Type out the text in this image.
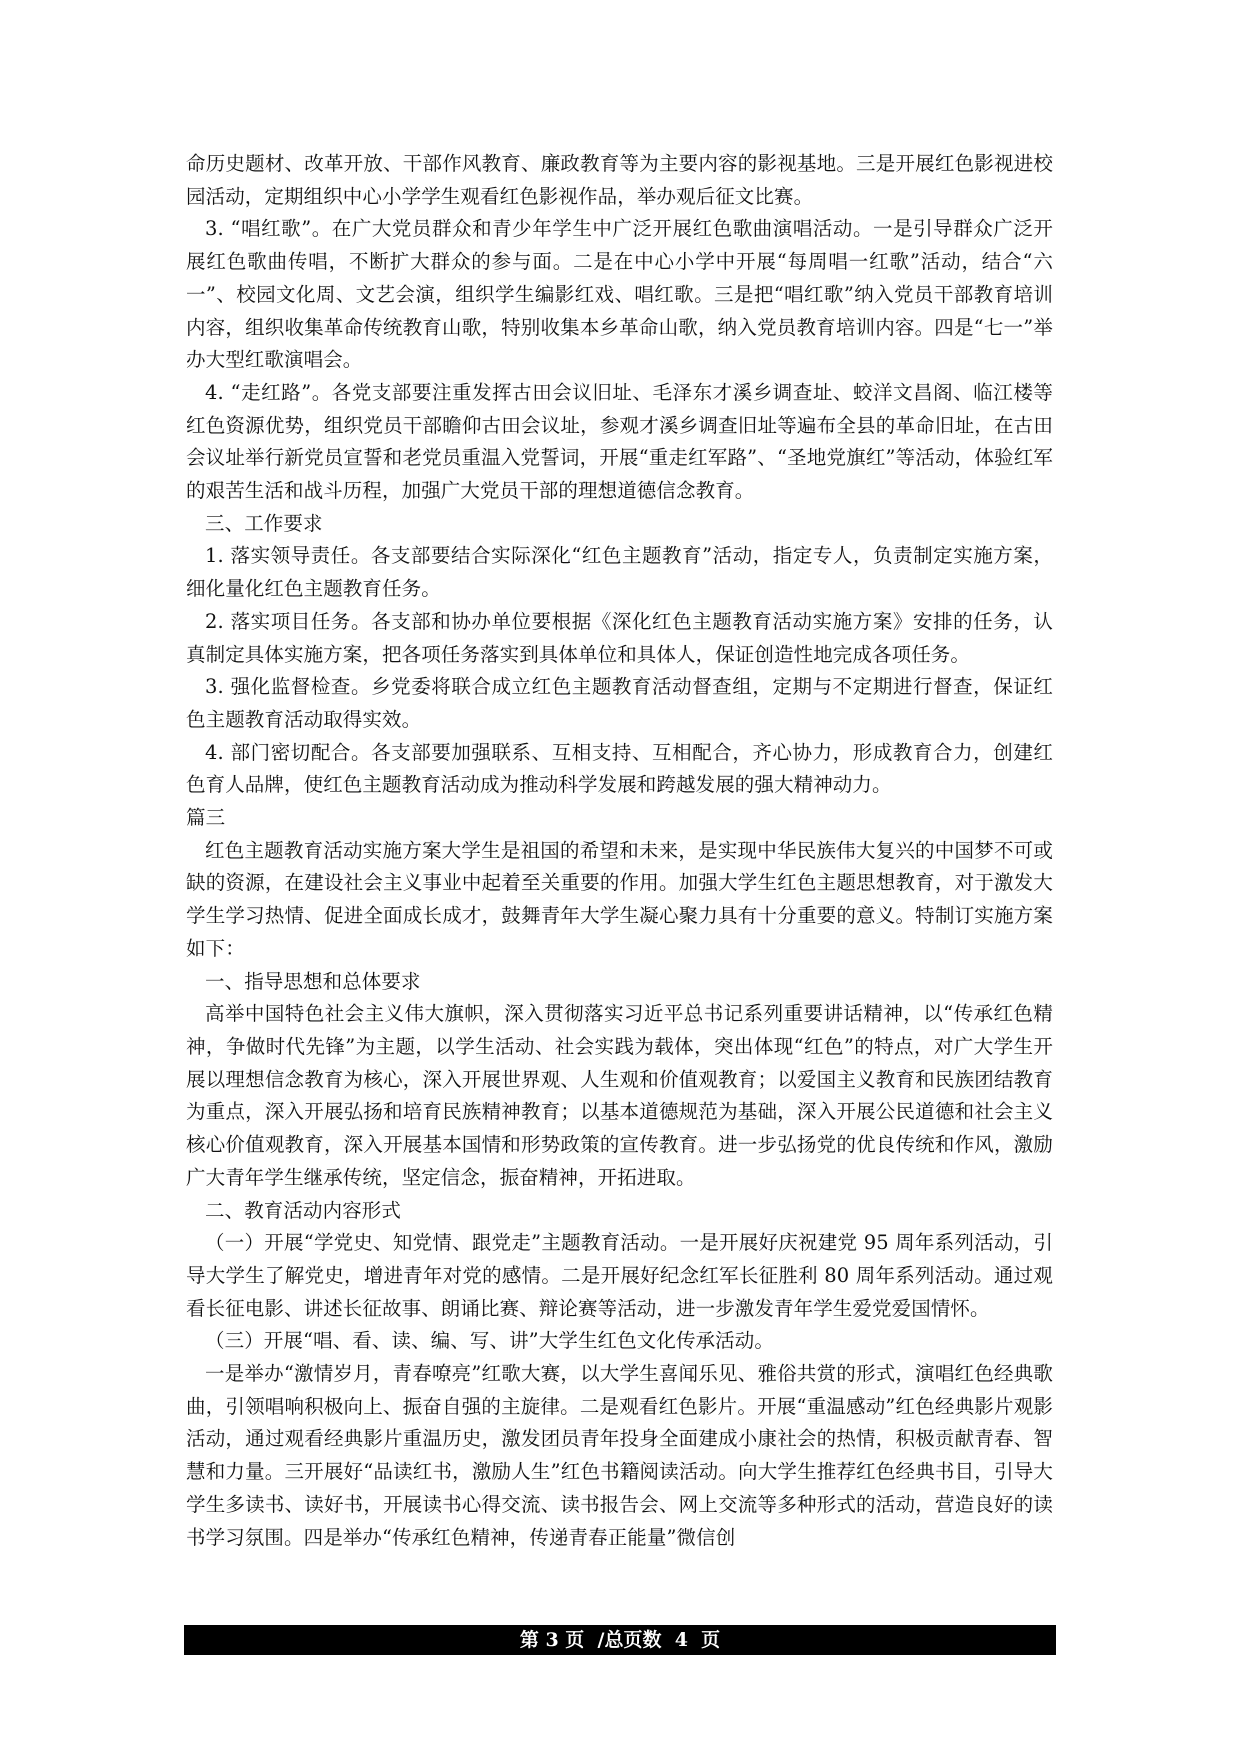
命历史题材、改革开放、干部作风教育、廉政教育等为主要内容的影视基地。三是开展红色影视进校园活动，定期组织中心小学学生观看红色影视作品，举办观后征文比赛。

3. “唱红歌”。在广大党员群众和青少年学生中广泛开展红色歌曲演唱活动。一是引导群众广泛开展红色歌曲传唱，不断扩大群众的参与面。二是在中心小学中开展“每周唱一红歌”活动，结合“六一”、校园文化周、文艺会演，组织学生编影红戏、唱红歌。三是把“唱红歌”纳入党员干部教育培训内容，组织收集革命传统教育山歌，特别收集本乡革命山歌，纳入党员教育培训内容。四是“七一”举办大型红歌演唱会。

4. “走红路”。各党支部要注重发挥古田会议旧址、毛泽东才溪乡调查址、蛟洋文昌阁、临江楼等红色资源优势，组织党员干部瞻仰古田会议址，参观才溪乡调查旧址等遍布全县的革命旧址，在古田会议址举行新党员宣誓和老党员重温入党誓词，开展“重走红军路”、“圣地党旗红”等活动，体验红军的艰苦生活和战斗历程，加强广大党员干部的理想道德信念教育。

三、工作要求

1. 落实领导责任。各支部要结合实际深化“红色主题教育”活动，指定专人，负责制定实施方案，细化量化红色主题教育任务。

2. 落实项目任务。各支部和协办单位要根据《深化红色主题教育活动实施方案》安排的任务，认真制定具体实施方案，把各项任务落实到具体单位和具体人，保证创造性地完成各项任务。

3. 强化监督检查。乡党委将联合成立红色主题教育活动督查组，定期与不定期进行督查，保证红色主题教育活动取得实效。

4. 部门密切配合。各支部要加强联系、互相支持、互相配合，齐心协力，形成教育合力，创建红色育人品牌，使红色主题教育活动成为推动科学发展和跨越发展的强大精神动力。

篇三

红色主题教育活动实施方案大学生是祖国的希望和未来，是实现中华民族伟大复兴的中国梦不可或缺的资源，在建设社会主义事业中起着至关重要的作用。加强大学生红色主题思想教育，对于激发大学生学习热情、促进全面成长成才，鼓舞青年大学生凝心聚力具有十分重要的意义。特制订实施方案如下：

一、指导思想和总体要求

高举中国特色社会主义伟大旗帜，深入贯彻落实习近平总书记系列重要讲话精神，以“传承红色精神，争做时代先锋”为主题，以学生活动、社会实践为载体，突出体现“红色”的特点，对广大学生开展以理想信念教育为核心，深入开展世界观、人生观和价值观教育；以爱国主义教育和民族团结教育为重点，深入开展弘扬和培育民族精神教育；以基本道德规范为基础，深入开展公民道德和社会主义核心价值观教育，深入开展基本国情和形势政策的宣传教育。进一步弘扬党的优良传统和作风，激励广大青年学生继承传统，坚定信念，振奋精神，开拓进取。

二、教育活动内容形式

（一）开展“学党史、知党情、跟党走”主题教育活动。一是开展好庆祝建党 95 周年系列活动，引导大学生了解党史，增进青年对党的感情。二是开展好纪念红军长征胜利 80 周年系列活动。通过观看长征电影、讲述长征故事、朗诵比赛、辩论赛等活动，进一步激发青年学生爱党爱国情怀。

（三）开展“唱、看、读、编、写、讲”大学生红色文化传承活动。

一是举办“激情岁月，青春嘹亮”红歌大赛，以大学生喜闻乐见、雅俗共赏的形式，演唱红色经典歌曲，引领唱响积极向上、振奋自强的主旋律。二是观看红色影片。开展“重温感动”红色经典影片观影活动，通过观看经典影片重温历史，激发团员青年投身全面建成小康社会的热情，积极贡献青春、智慧和力量。三开展好“品读红书，激励人生”红色书籍阅读活动。向大学生推荐红色经典书目，引导大学生多读书、读好书，开展读书心得交流、读书报告会、网上交流等多种形式的活动，营造良好的读书学习氛围。四是举办“传承红色精神，传递青春正能量”微信创

第 3 页  /总页数  4  页
